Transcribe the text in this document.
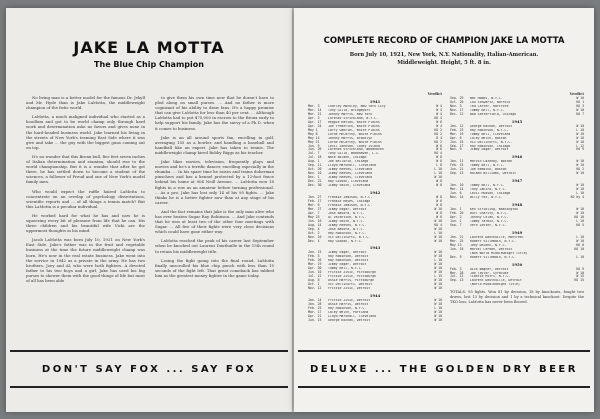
JAKE LA MOTTA
The Blue Chip Champion

No living man is a better model for the famous Dr. Jekyll and Mr. Hyde than is Jake LaMotta, the middleweight champion of the fistic world.

LaMotta, a much maligned individual who started as a hoodlum and got to be world champ only through hard work and determination asks no favors and gives none in the hard-headed business world. Jake learned his living in the streets of New York's teeming East Side where it was give and take ... the guy with the biggest guns coming out on top.

It's no wonder that this Bronx bull, five feet seven inches of Italian determination and stamina, should rise to the world championship. But it is a wonder that after he got there, he has settled down to become a student of the sciences, a follower of Freud and one of New York's model family men.

Who would expect the ruffle haired LaMotta to concentrate on an overlap of psychology dissertations, scientific reports and ... of all things a tennis match? But this LaMotta is a peculiar individual.

He worked hard for what he has and now he is squeezing every bit of pleasure from life that he can. His three children and his beautiful wife Vicki are the uppermost thoughts in his mind.

Jacob LaMotta was born July 10, 1921 on New York's East Side. Jake's father was in the fruit and vegetable business at the time the future middleweight champ was born. He's now in the real estate business. Jake went into the service in 1942 as a private in the army. He has two brothers, Joey and Al, who were both fighters. A devoted father to his two boys and a girl, Jake has used his big purses to shower them with the good things of life but most of all has been able

to give them his own time now that he doesn't have to plod along on small purses. ... And no father is more cognizant of his ability to draw fans. It's a happy promise that can give LaMotta for less than 40 per cent. ... Although LaMotta had to put $75,000 in escrow to the Bronx early to help support his family. Jake has the savvy of a Ph.D. when it comes to business.

Jake is an all around sports fan, excelling in golf, averaging 155 as a bowler, and handling a baseball and handball like an expert. Jake has taken to tennis. The middleweight champ hired Bobby Riggs as his teacher.

Jake likes movies, television, frequently plays and movies and he's a terrific dancer, excelling especially in the rhumba. ... In his spare time he raises and trains doberman pinschers and has a kennel protected by a 12-foot fence behind his home at 904 Neill Avenue. ... LaMotta won 18 fights in a row as an amateur before turning professional. ... As a pro, Jake has lost only 14 of his 95 fights. ... Jake thinks he is a better fighter now than at any stage of his career.

And the fact remains that Jake is the only man alive who has ever beaten Sugar Ray Robinson. ... And Jake contends that he won at least two of the other four meetings with Sugar. ... All five of their fights were very close decisions which could have gone either way.

LaMotta reached the peak of his career last September when he knocked out Laurent Dauthuille in the 15th round to retain his middleweight title.

Losing the fight going into the final round, LaMotta finally unscrolled his blue chip punch with less than 15 seconds of the fight left. That great comeback has tabbed him as the greatest money fighter in the game today.

DON'T SAY FOX ... SAY FOX
COMPLETE RECORD OF CHAMPION JAKE LA MOTTA
Born July 10, 1921, New York, N.Y. Nationality, Italian-American.
Middleweight. Height, 5 ft. 8 in.
Verdict
1941
Mar. 3	Charley Mackley, New York City	W 4
Mar. 14	Tony Gillo, Bridgeport	W 4
Mar. 21	Johnny Morris, New York	W 4
Apr. 3	Lorenzo Strickland, N.Y.C.	KO 4
Apr. 17	Reggie Hatton, White Plains	W 6
Apr. 24	Joe Frederick, White Plains	W 4
May 1	Larry Gabriel, White Plains	KO 2
May 8	Lorne McCarthy, White Plains	KO 2
May 14	Johnny Morris, Brooklyn	D 4
May 21	Lorne McCarthy, White Plains	KO 2
Jun. 5	Cecil Johnson, Coney Island	W 6
Jun. 26	Lorenzo Strickland, Woodhaven	W 6
Jul. 7	Tony Gillo, Woodhaven, L.I.	KO 4
Jul. 18	Nate Bolden, Chicago	W 8
Aug. 1	Joe Bellorin, Chicago	W 8
Sep. 11	Lloyd Marshall, Cleveland	L 8
Oct. 20	Jimmy Reeves, Cleveland	L 10
Nov. 10	Jimmy Reeves, Cleveland	L 10
Dec. 1	Jimmy Reeves, Cleveland	W 10
Dec. 22	Ray Gibson, Cleveland	W 8
Dec. 30	Jimmy Smith, Cleveland	W 8
1942
Jan. 27	Frankie Jamison, N.Y.C.	W 8
Feb. 17	Frankie Hayes, Chicago	W 6
Mar. 6	Frankie Jamison, N.Y.C.	W 8
Mar. 27	Jimmy Edgar, Detroit	W 10
Apr. 7	Jose Basora, N.Y.C.	W 8
May 25	Al Valentine, N.Y.C.	W 8
Jun. 16	Jimmy Smith, N.Y.C.	W 10
Aug. 14	Jimmy Reeves, N.Y.C.	KO 4
Sep. 4	Jose Basora, N.Y.C.	W 10
Oct. 2	Ray Robinson, N.Y.C.	L 10
Nov. 10	Vic Dellicurti, N.Y.C.	W 10
Dec. 4	Ray Gibson, N.Y.C.	W 10
1943
Jan. 15	Jimmy Edgar, Detroit	W 10
Feb. 5	Ray Robinson, Detroit	W 10
Feb. 26	Ray Robinson, Detroit	L 10
Mar. 19	Jimmy Edgar, Detroit	W 10
Apr. 30	Tommy Bell, N.Y.C.	W 10
Jun. 10	Fritzie Zivic, Pittsburgh	W 10
Jul. 12	Fritzie Zivic, Pittsburgh	L 15
Aug. 6	Ossie Harris, Pittsburgh	W 10
Oct. 1	Vic Dellicurti, Detroit	W 10
Nov. 12	Fritzie Zivic, Detroit	W 10
1944
Jan. 14	Fritzie Zivic, Detroit	W 10
Jan. 28	Ossie Harris, Detroit	W 10
Feb. 25	Ray Robinson, N.Y.C.	L 10
Mar. 17	Coley Welch, Portland	W 10
Apr. 21	Lloyd Marshall, Cleveland	W 10
Jun. 15	George Kochan, Detroit	W 10
Verdict
Sep. 29	Nat Hobbs, N.Y.C.	W 10
Oct. 20	Lou Schwartz, Norfolk	KO 1
Nov. 3	Ted Carter, Hartford	KO 3
Nov. 17	Tommy Bell, N.Y.C.	W 10
Dec. 12	Bob Satterfield, Chicago	KO 7
1945
Jan. 12	George Kochan, Detroit	W 10
Feb. 23	Ray Robinson, N.Y.C.	L 10
Mar. 19	Tommy Bell, Cleveland	W 10
Apr. 6	Coley Welch, Boston	W 10
Jun. 15	Vic Dellicurti, N.Y.C.	W 10
Sep. 17	Ray Robinson, Chicago	L 12
Nov. 9	Jimmy Edgar, Detroit	KO 9
1946
Jan. 11	Marvin Lazenby, Boston	W 10
Feb. 15	Tommy Bell, N.Y.C.	W 10
Jun. 21	Joe Reddick, Boston	KO 2
Sep. 13	Holman Williams, Detroit	W 10
1947
Jan. 10	Tommy Bell, N.Y.C.	W 10
Mar. 14	Tony Janiro, N.Y.C.	W 10
Jun. 6	Cecil Hudson, Chicago	L 10
Nov. 14	Billy Fox, N.Y.C.	KO by 4
1948
Jan. 1	Ken Stribling, Washington	W 10
Feb. 20	Burl Charity, N.Y.C.	W 10
Apr. 2	Johnny Colan, N.Y.C.	KO 10
Jun. 1	Tommy Yarosz, N.Y.C.	L 10
Sep. 7	Vern Lester, N.Y.C.	KO 5
1949
Jan. 21	Laurent Dauthuille, Montreal	L 10
Mar. 25	Robert Villemain, N.Y.C.	W 10
May 13	Joey DeJohn, N.Y.C.	KO 8
Jun. 16	Marcel Cerdan, Detroit	KO 10
(Won World Middleweight Title)
Dec. 9	Robert Villemain, N.Y.C.	L 10
1950
Feb. 3	Dick Wagner, Detroit	KO 9
Mar. 28	Joe Taylor, Syracuse	W 10
Jul. 12	Tiberio Mitri, N.Y.C.	W 15
Sep. 13	Laurent Dauthuille, Detroit	KO 15
(World Middleweight Title)
TOTALS: 95 fights. Won 81 by decision, 18 by knockouts, fought two draws, lost 13 by decision and 1 by a technical knockout. Despite the TKO loss, LaMotta has never been floored.
DELUXE ... THE GOLDEN DRY BEER
